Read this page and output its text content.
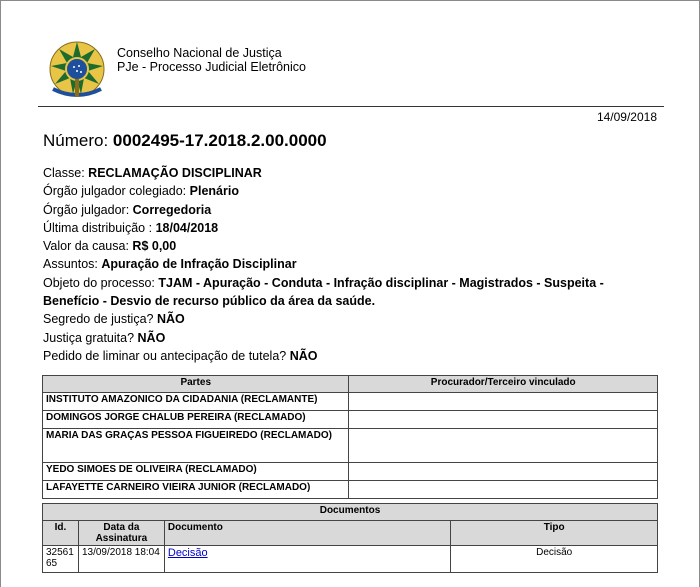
Conselho Nacional de Justiça
PJe - Processo Judicial Eletrônico
14/09/2018
Número: 0002495-17.2018.2.00.0000
Classe: RECLAMAÇÃO DISCIPLINAR
Órgão julgador colegiado: Plenário
Órgão julgador: Corregedoria
Última distribuição : 18/04/2018
Valor da causa: R$ 0,00
Assuntos: Apuração de Infração Disciplinar
Objeto do processo: TJAM - Apuração - Conduta - Infração disciplinar - Magistrados - Suspeita - Benefício - Desvio de recurso público da área da saúde.
Segredo de justiça? NÃO
Justiça gratuita? NÃO
Pedido de liminar ou antecipação de tutela? NÃO
Partes	Procurador/Terceiro vinculado
INSTITUTO AMAZONICO DA CIDADANIA (RECLAMANTE)	
DOMINGOS JORGE CHALUB PEREIRA (RECLAMADO)	
MARIA DAS GRAÇAS PESSOA FIGUEIREDO (RECLAMADO)	
YEDO SIMOES DE OLIVEIRA (RECLAMADO)	
LAFAYETTE CARNEIRO VIEIRA JUNIOR (RECLAMADO)	
Documentos			
Id.	Data da Assinatura	Documento	Tipo
3256165	13/09/2018 18:04	Decisão	Decisão
